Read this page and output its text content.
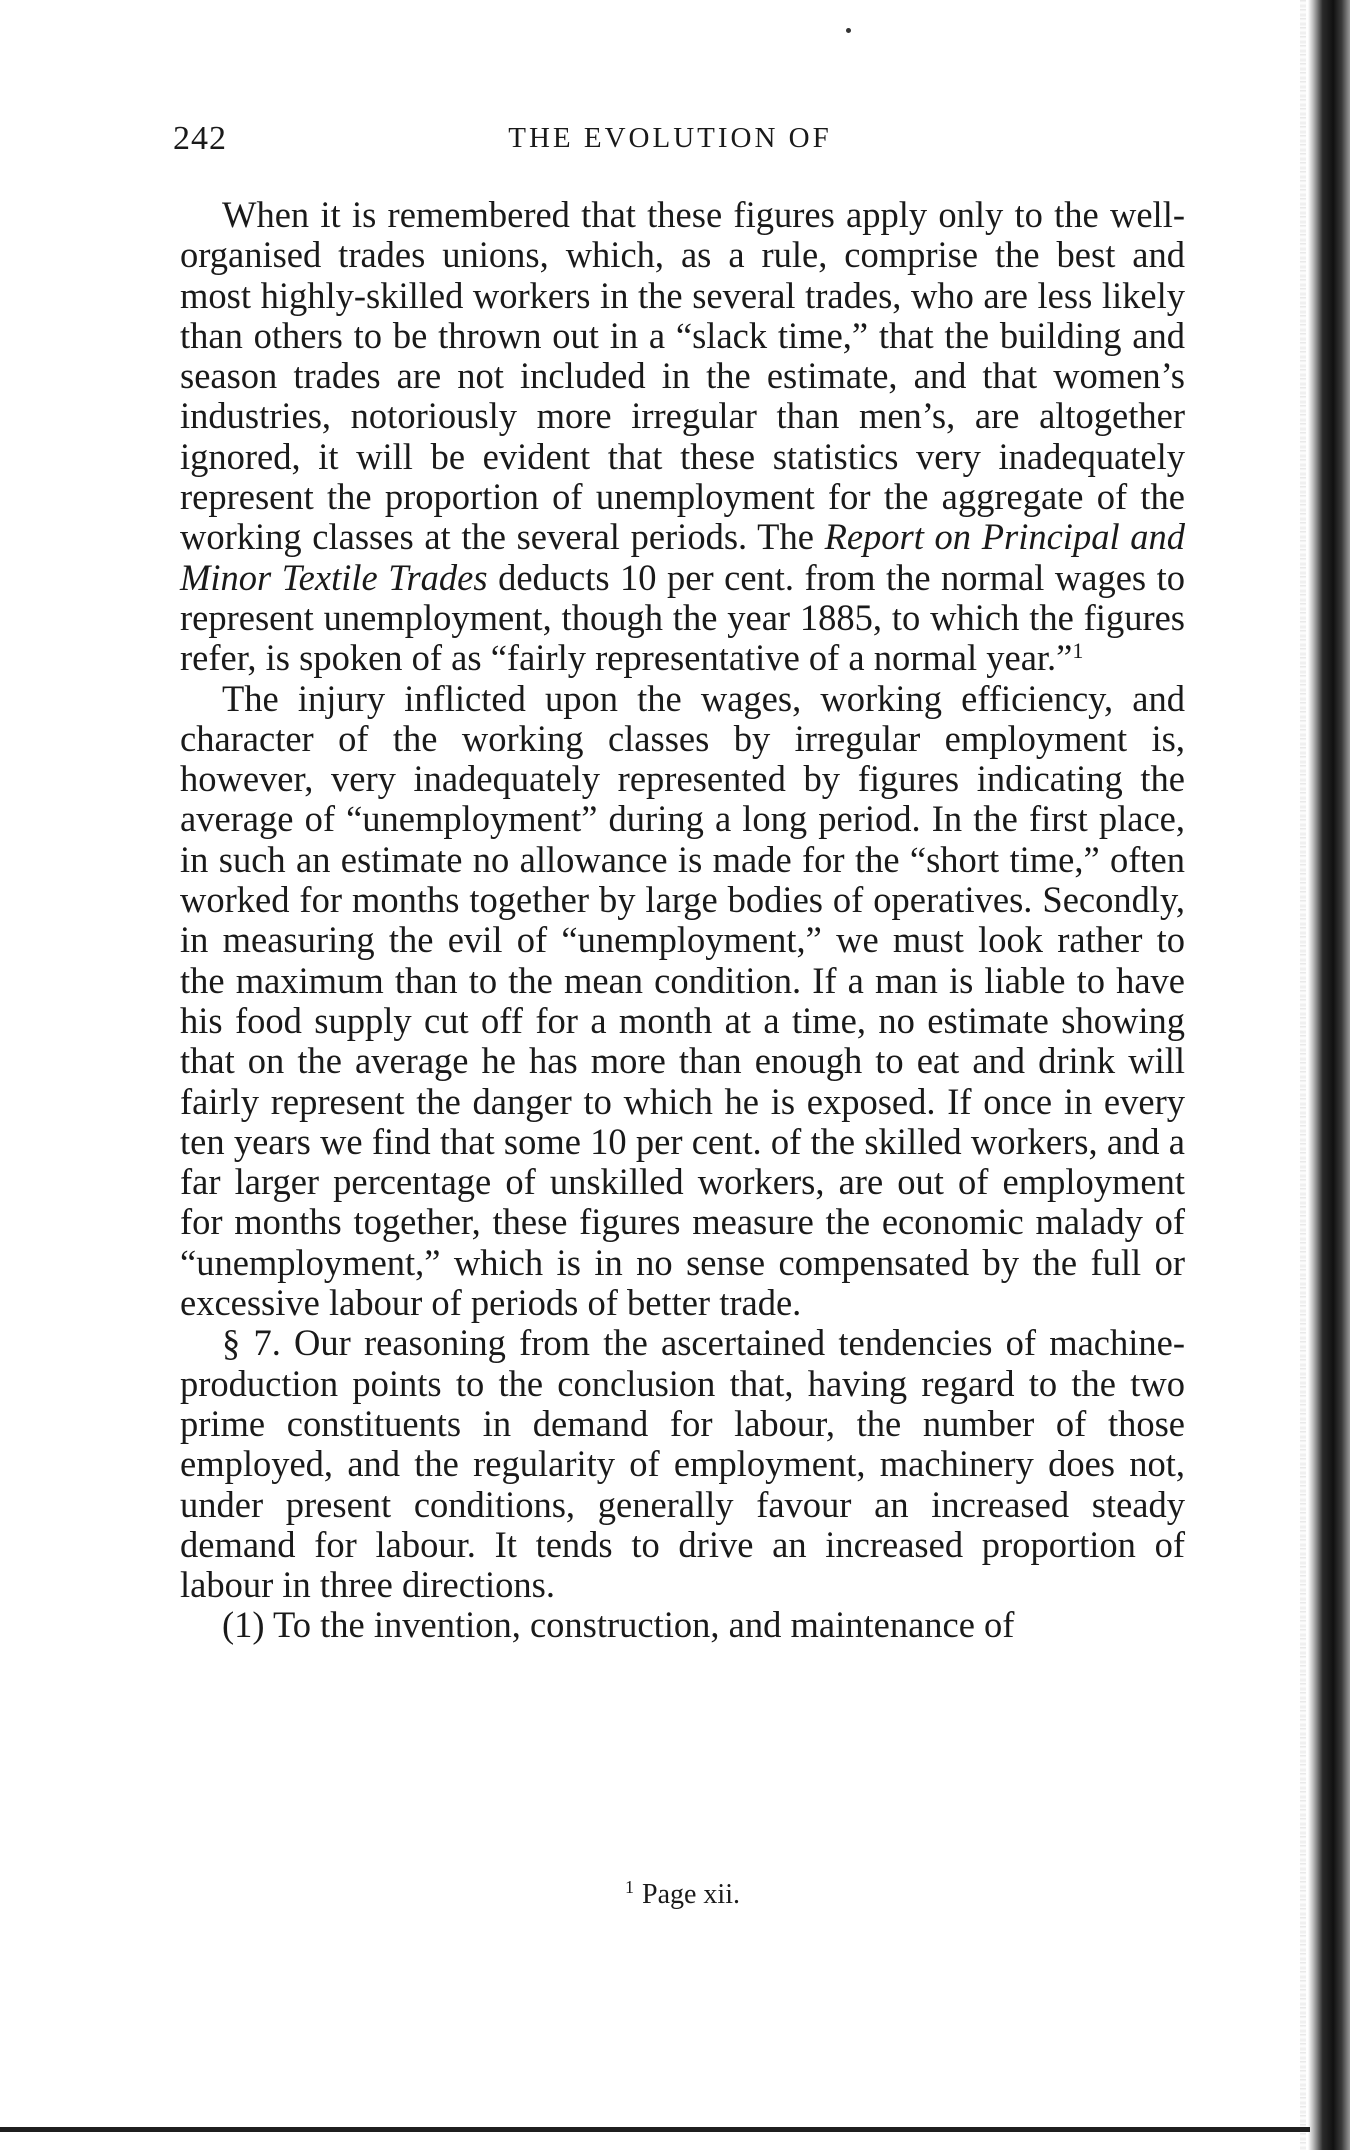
242	THE EVOLUTION OF

When it is remembered that these figures apply only to the well-organised trades unions, which, as a rule, comprise the best and most highly-skilled workers in the several trades, who are less likely than others to be thrown out in a “slack time,” that the building and season trades are not included in the estimate, and that women’s industries, notoriously more irregular than men’s, are altogether ignored, it will be evident that these statistics very inadequately represent the proportion of unemployment for the aggregate of the working classes at the several periods. The Report on Principal and Minor Textile Trades deducts 10 per cent. from the normal wages to represent unemployment, though the year 1885, to which the figures refer, is spoken of as “fairly representative of a normal year.”$^1$

The injury inflicted upon the wages, working efficiency, and character of the working classes by irregular employment is, however, very inadequately represented by figures indicating the average of “unemployment” during a long period. In the first place, in such an estimate no allowance is made for the “short time,” often worked for months together by large bodies of operatives. Secondly, in measuring the evil of “unemployment,” we must look rather to the maximum than to the mean condition. If a man is liable to have his food supply cut off for a month at a time, no estimate showing that on the average he has more than enough to eat and drink will fairly represent the danger to which he is exposed. If once in every ten years we find that some 10 per cent. of the skilled workers, and a far larger percentage of unskilled workers, are out of employment for months together, these figures measure the economic malady of “unemployment,” which is in no sense compensated by the full or excessive labour of periods of better trade.

§ 7. Our reasoning from the ascertained tendencies of machine-production points to the conclusion that, having regard to the two prime constituents in demand for labour, the number of those employed, and the regularity of employment, machinery does not, under present conditions, generally favour an increased steady demand for labour. It tends to drive an increased proportion of labour in three directions.

(1) To the invention, construction, and maintenance of

$^1$ Page xii.
